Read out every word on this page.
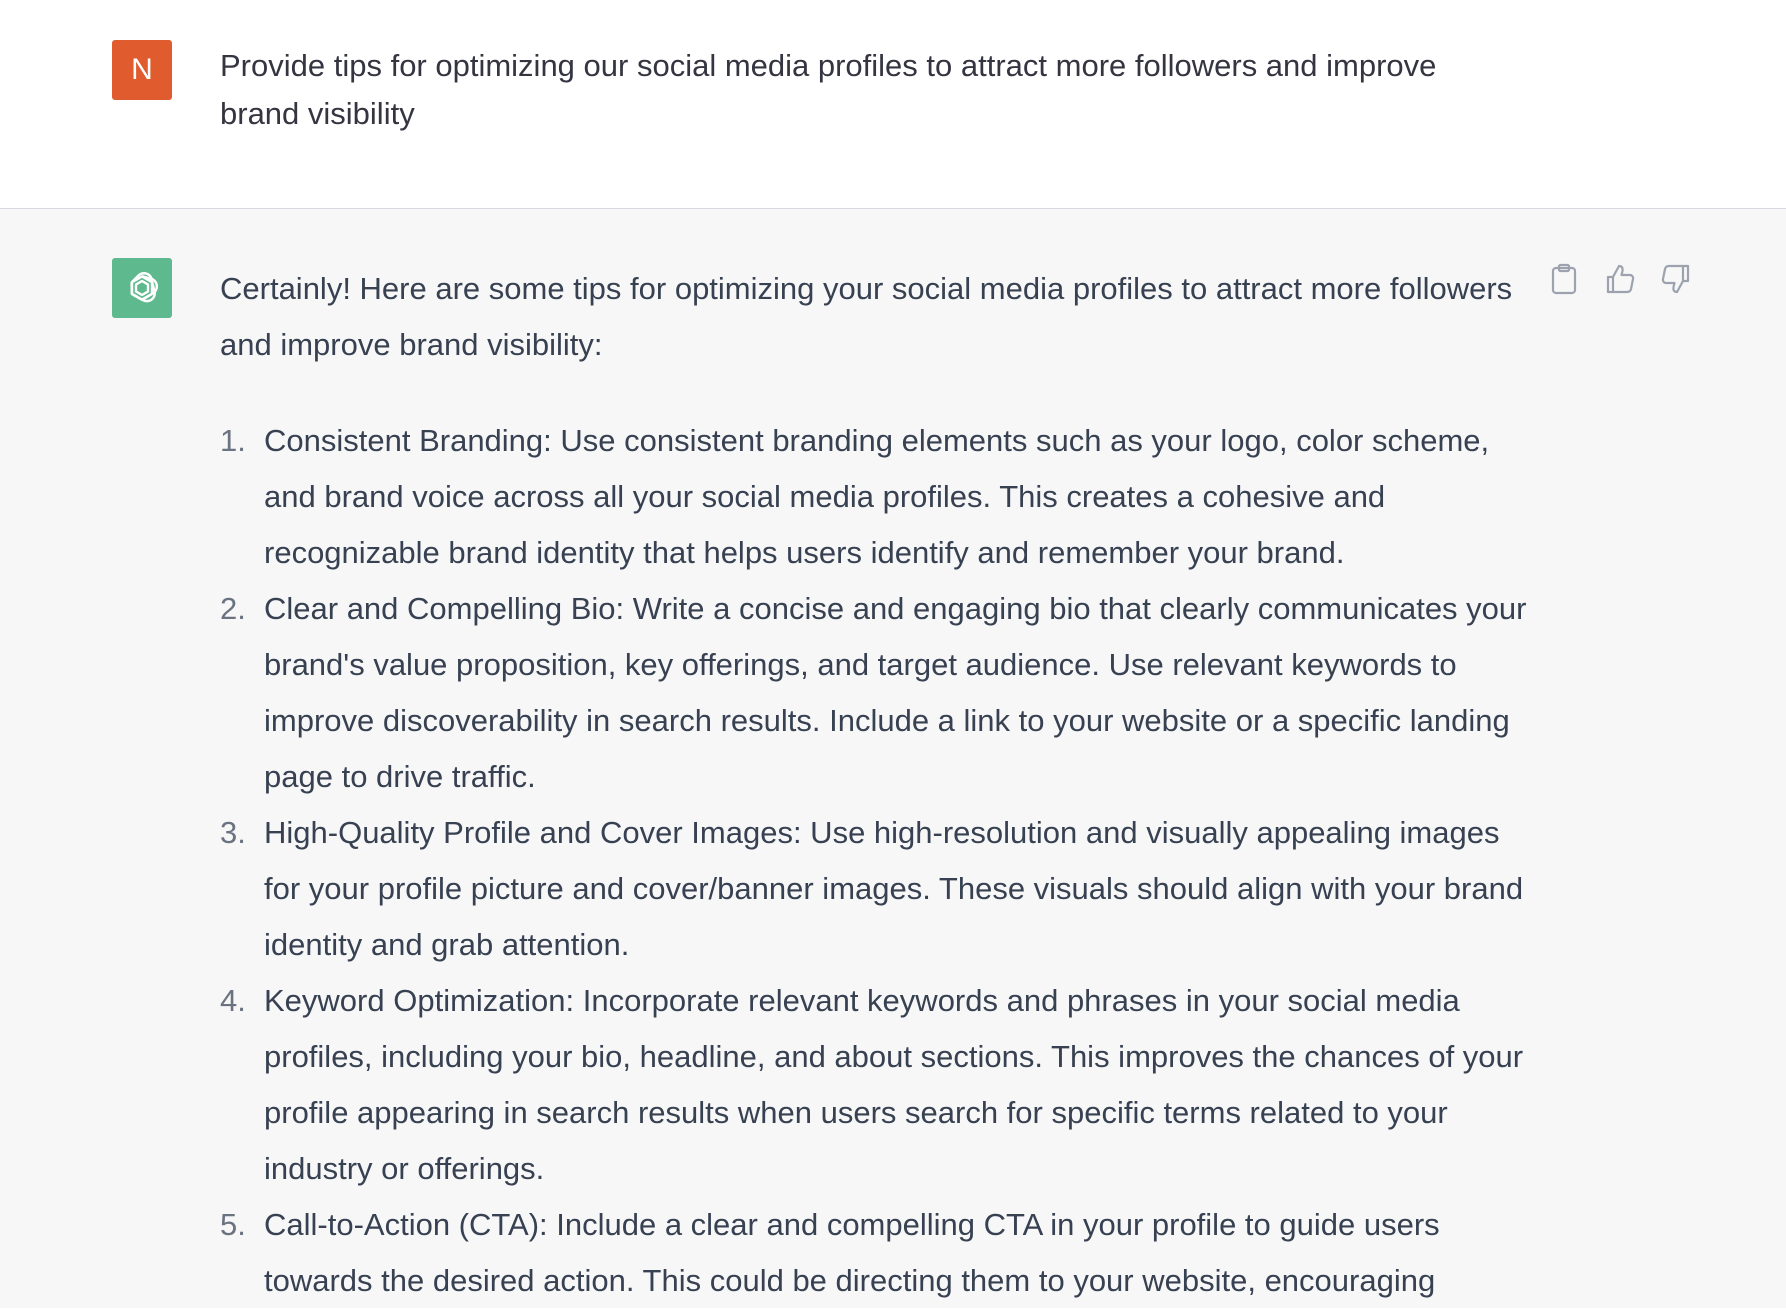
N Provide tips for optimizing our social media profiles to attract more followers and improve brand visibility

Certainly! Here are some tips for optimizing your social media profiles to attract more followers and improve brand visibility:

1. Consistent Branding: Use consistent branding elements such as your logo, color scheme, and brand voice across all your social media profiles. This creates a cohesive and recognizable brand identity that helps users identify and remember your brand.
2. Clear and Compelling Bio: Write a concise and engaging bio that clearly communicates your brand's value proposition, key offerings, and target audience. Use relevant keywords to improve discoverability in search results. Include a link to your website or a specific landing page to drive traffic.
3. High-Quality Profile and Cover Images: Use high-resolution and visually appealing images for your profile picture and cover/banner images. These visuals should align with your brand identity and grab attention.
4. Keyword Optimization: Incorporate relevant keywords and phrases in your social media profiles, including your bio, headline, and about sections. This improves the chances of your profile appearing in search results when users search for specific terms related to your industry or offerings.
5. Call-to-Action (CTA): Include a clear and compelling CTA in your profile to guide users towards the desired action. This could be directing them to your website, encouraging
